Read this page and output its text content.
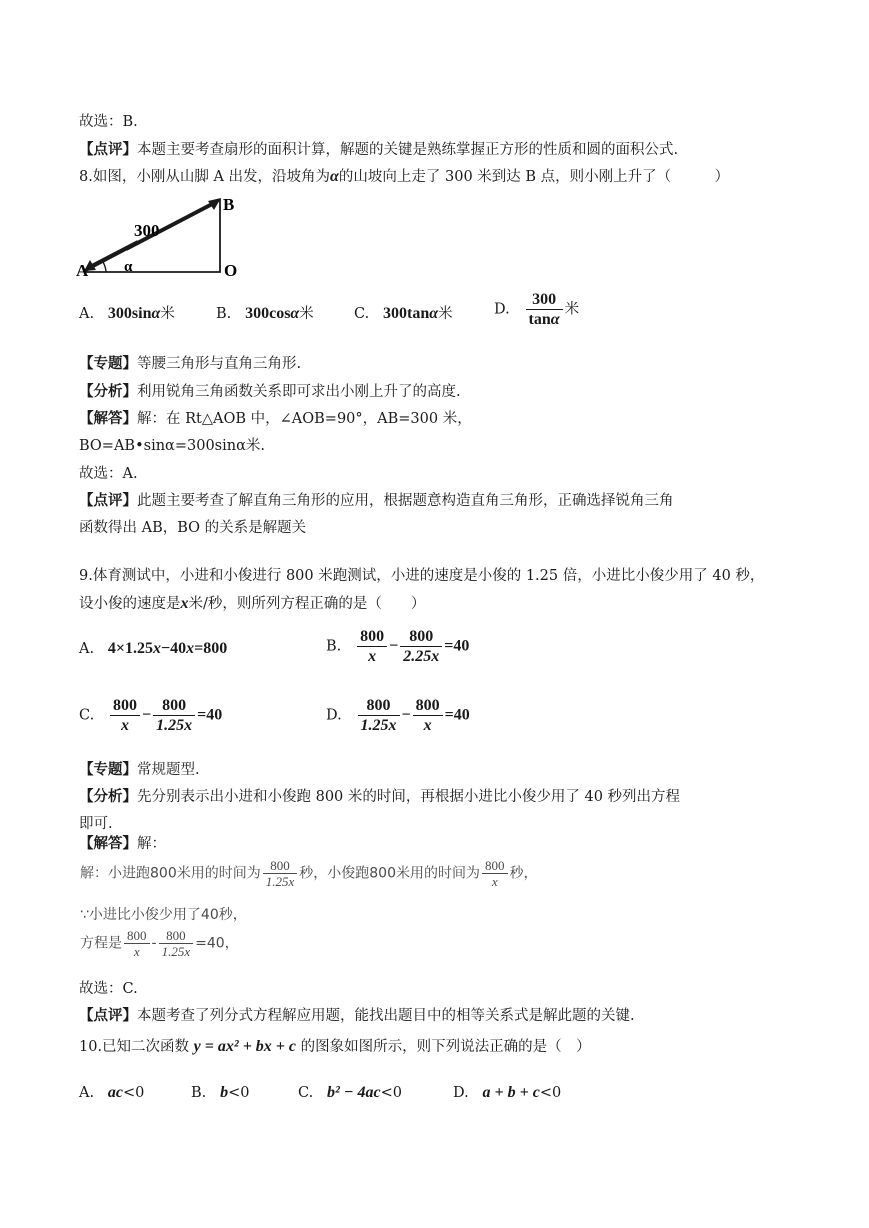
故选：B.
【点评】本题主要考查扇形的面积计算，解题的关键是熟练掌握正方形的性质和圆的面积公式.
8.如图，小刚从山脚 A 出发，沿坡角为α的山坡向上走了 300 米到达 B 点，则小刚上升了（　　　）
A
B
O
300
α
A. 300sinα米	B. 300cosα米	C. 300tanα米	D. $\frac{300}{\tan\alpha}$ 米
【专题】等腰三角形与直角三角形.
【分析】利用锐角三角函数关系即可求出小刚上升了的高度.
【解答】解：在 Rt△AOB 中，∠AOB=90°，AB=300 米，
BO=AB•sinα=300sinα米.
故选：A.
【点评】此题主要考查了解直角三角形的应用，根据题意构造直角三角形，正确选择锐角三角
函数得出 AB，BO 的关系是解题关
9.体育测试中，小进和小俊进行 800 米跑测试，小进的速度是小俊的 1.25 倍，小进比小俊少用了 40 秒，
设小俊的速度是x米/秒，则所列方程正确的是（　　）
A. 4×1.25x−40x=800	B. $\frac{800}{x} - \frac{800}{2.25x} =40$
C. $\frac{800}{x} - \frac{800}{1.25x} =40$	D. $\frac{800}{1.25x} - \frac{800}{x} =40$
【专题】常规题型.
【分析】先分别表示出小进和小俊跑 800 米的时间，再根据小进比小俊少用了 40 秒列出方程
即可.
【解答】解：
解：小进跑800米用的时间为 $\frac{800}{1.25x}$ 秒，小俊跑800米用的时间为 $\frac{800}{x}$ 秒，
∵小进比小俊少用了40秒，
方程是 $\frac{800}{x} - \frac{800}{1.25x} =40$，
故选：C.
【点评】本题考查了列分式方程解应用题，能找出题目中的相等关系式是解此题的关键.
10.已知二次函数 y = ax² + bx + c 的图象如图所示，则下列说法正确的是（　）
A. ac<0	B. b<0	C. b² − 4ac<0	D. a + b + c<0
